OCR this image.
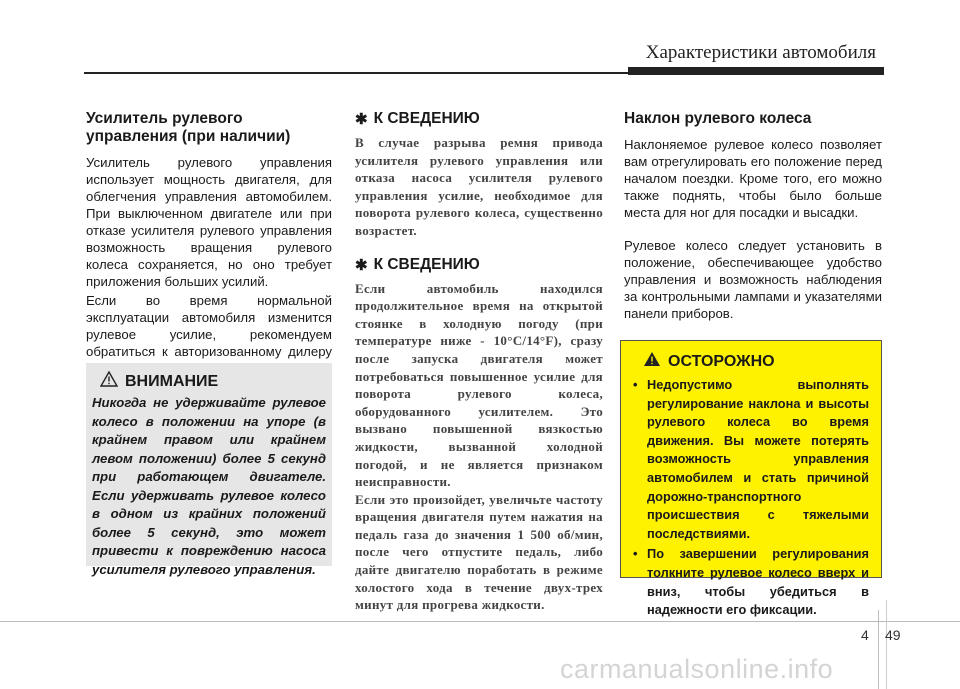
Характеристики автомобиля
Усилитель рулевого управления (при наличии)

Усилитель рулевого управления использует мощность двигателя, для облегчения управления автомобилем. При выключенном двигателе или при отказе усилителя рулевого управления возможность вращения рулевого колеса сохраняется, но оно требует приложения больших усилий.

Если во время нормальной эксплуатации автомобиля изменится рулевое усилие, рекомендуем обратиться к авторизованному дилеру

ВНИМАНИЕ

Никогда не удерживайте рулевое колесо в положении на упоре (в крайнем правом или крайнем левом положении) более 5 секунд при работающем двигателе. Если удерживать рулевое колесо в одном из крайних положений более 5 секунд, это может привести к повреждению насоса усилителя рулевого управления.

✱ К СВЕДЕНИЮ

В случае разрыва ремня привода усилителя рулевого управления или отказа насоса усилителя рулевого управления усилие, необходимое для поворота рулевого колеса, существенно возрастет.

✱ К СВЕДЕНИЮ

Если автомобиль находился продолжительное время на открытой стоянке в холодную погоду (при температуре ниже - 10°C/14°F), сразу после запуска двигателя может потребоваться повышенное усилие для поворота рулевого колеса, оборудованного усилителем. Это вызвано повышенной вязкостью жидкости, вызванной холодной погодой, и не является признаком неисправности.

Если это произойдет, увеличьте частоту вращения двигателя путем нажатия на педаль газа до значения 1 500 об/мин, после чего отпустите педаль, либо дайте двигателю поработать в режиме холостого хода в течение двух-трех минут для прогрева жидкости.

Наклон рулевого колеса

Наклоняемое рулевое колесо позволяет вам отрегулировать его положение перед началом поездки. Кроме того, его можно также поднять, чтобы было больше места для ног для посадки и высадки.

Рулевое колесо следует установить в положение, обеспечивающее удобство управления и возможность наблюдения за контрольными лампами и указателями панели приборов.

ОСТОРОЖНО
• Недопустимо выполнять регулирование наклона и высоты рулевого колеса во время движения. Вы можете потерять возможность управления автомобилем и стать причиной дорожно-транспортного происшествия с тяжелыми последствиями.
• По завершении регулирования толкните рулевое колесо вверх и вниз, чтобы убедиться в надежности его фиксации.
4 49
carmanualsonline.info
